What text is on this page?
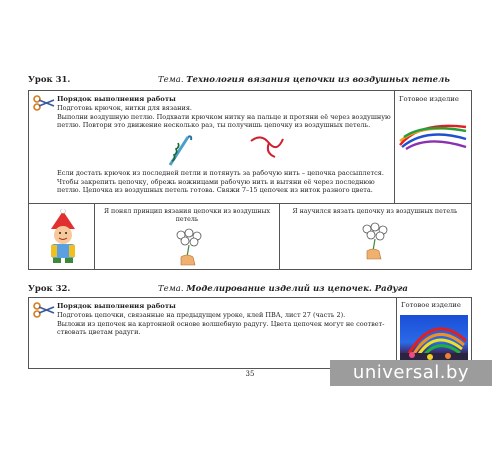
Урок 31.	Тема. Технология вязания цепочки из воздушных петель
Порядок выполнения работы
Подготовь крючок, нитки для вязания.
Выполни воздушную петлю. Подхвати крючком нитку на пальце и протяни её через воздушную
петлю. Повтори это движение несколько раз, ты получишь цепочку из воздушных петель.
Если достать крючок из последней петли и потянуть за рабочую нить – цепочка рассыплется.
Чтобы закрепить цепочку, обрежь ножницами рабочую нить и вытяни её через последнюю
петлю. Цепочка из воздушных петель готова. Свяжи 7–15 цепочек из ниток разного цвета.
Готовое изделие
Я понял принцип вязания цепочки из воздушных петель
Я научился вязать цепочку из воздушных петель
Урок 32.	Тема. Моделирование изделий из цепочек. Радуга
Порядок выполнения работы
Подготовь цепочки, связанные на предыдущем уроке, клей ПВА, лист 27 (часть 2).
Выложи из цепочек на картонной основе волшебную радугу. Цвета цепочек могут не соответ-
ствовать цветам радуги.
Готовое изделие
35	universal.by
